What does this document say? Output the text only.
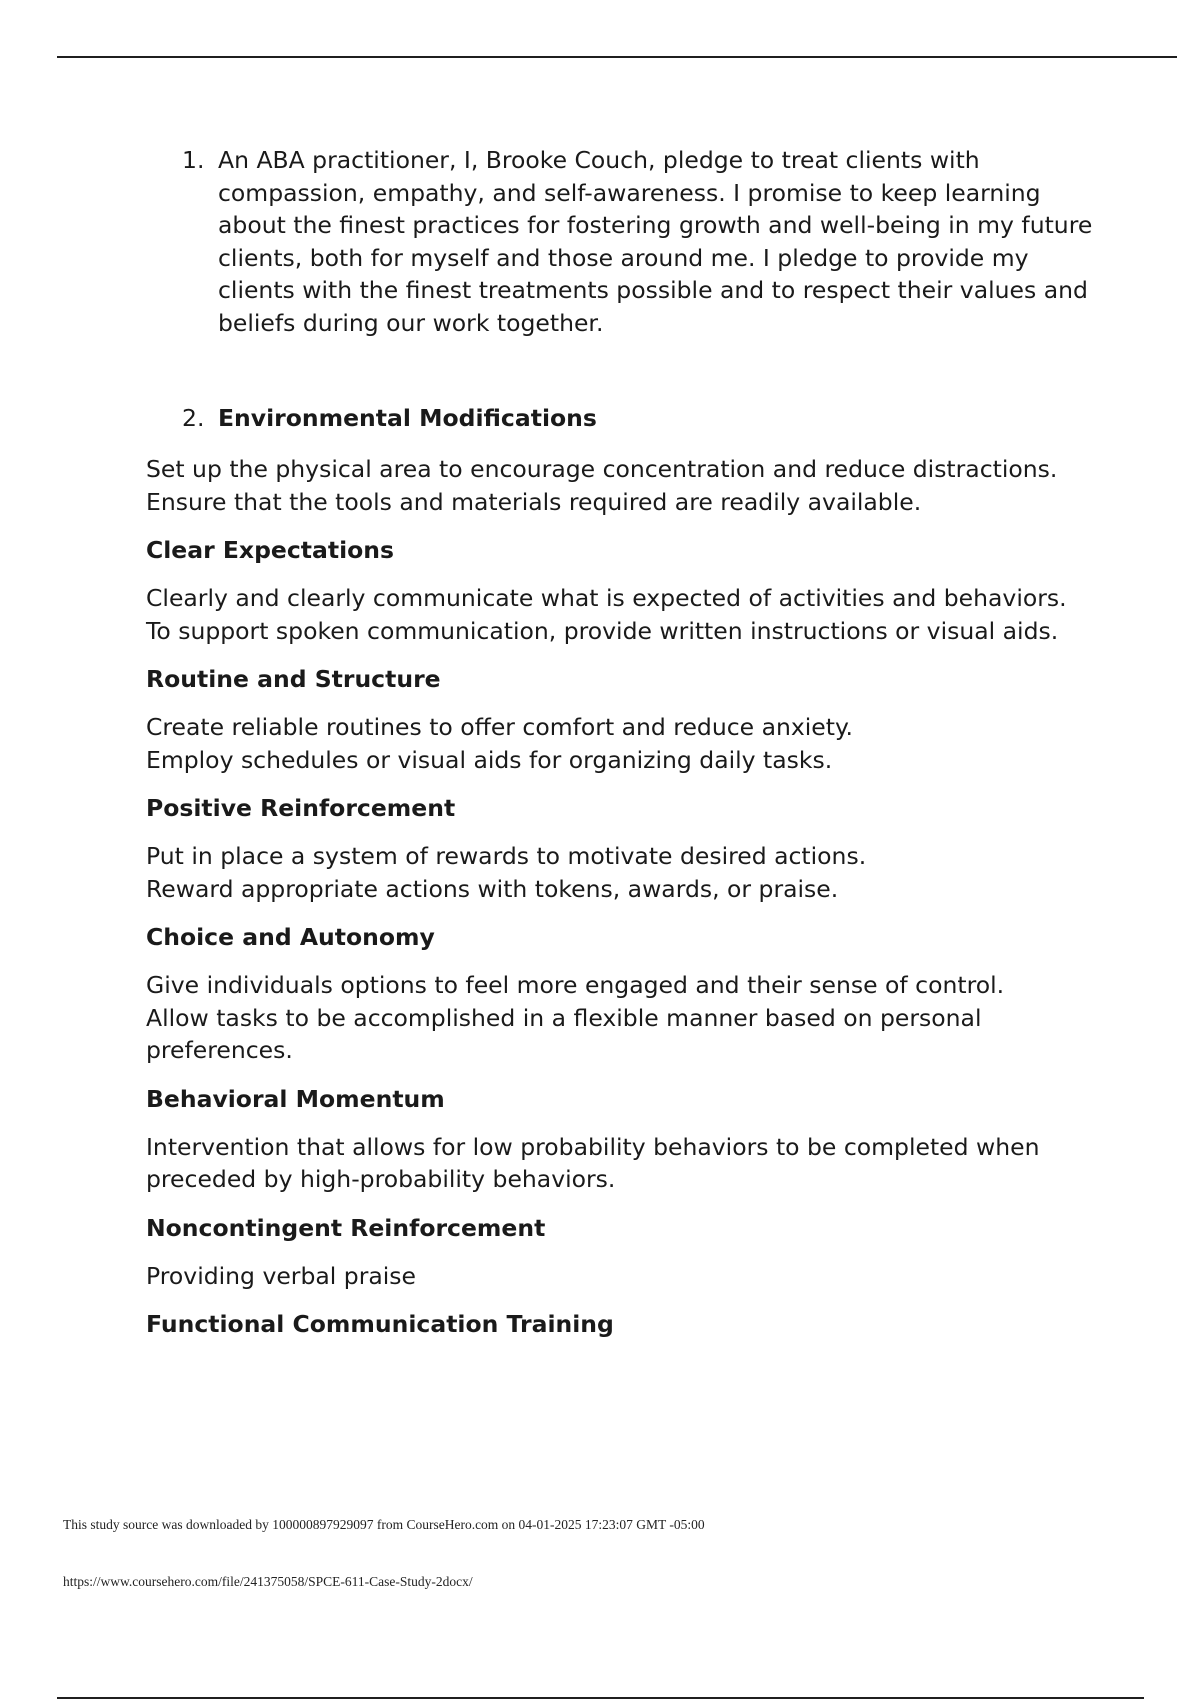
1. An ABA practitioner, I, Brooke Couch, pledge to treat clients with compassion, empathy, and self-awareness. I promise to keep learning about the finest practices for fostering growth and well-being in my future clients, both for myself and those around me. I pledge to provide my clients with the finest treatments possible and to respect their values and beliefs during our work together.
2. Environmental Modifications

Set up the physical area to encourage concentration and reduce distractions.

Ensure that the tools and materials required are readily available.

Clear Expectations

Clearly and clearly communicate what is expected of activities and behaviors.

To support spoken communication, provide written instructions or visual aids.

Routine and Structure

Create reliable routines to offer comfort and reduce anxiety.

Employ schedules or visual aids for organizing daily tasks.

Positive Reinforcement

Put in place a system of rewards to motivate desired actions.

Reward appropriate actions with tokens, awards, or praise.

Choice and Autonomy

Give individuals options to feel more engaged and their sense of control.

Allow tasks to be accomplished in a flexible manner based on personal preferences.

Behavioral Momentum

Intervention that allows for low probability behaviors to be completed when preceded by high-probability behaviors.

Noncontingent Reinforcement

Providing verbal praise

Functional Communication Training
This study source was downloaded by 100000897929097 from CourseHero.com on 04-01-2025 17:23:07 GMT -05:00
https://www.coursehero.com/file/241375058/SPCE-611-Case-Study-2docx/
